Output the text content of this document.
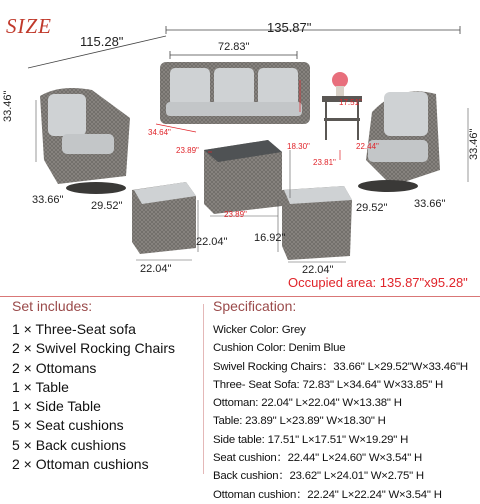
SIZE	135.87"
115.28"	72.83"
34.64"
23.89"	18.30"
17.51"
23.81"
22.44"
23.89"
33.46"
33.46"
33.66"	29.52"	29.52" 33.66"
22.04" 16.92"
22.04"	22.04"
Occupied area: 135.87"x95.28"
Set includes:
1 × Three-Seat sofa
2 × Swivel Rocking Chairs
2 × Ottomans
1 × Table
1 × Side Table
5 × Seat cushions
5 × Back cushions
2 × Ottoman cushions
Specification:
Wicker Color: Grey
Cushion Color: Denim Blue
Swivel Rocking Chairs：33.66" L×29.52"W×33.46"H
Three- Seat Sofa: 72.83" L×34.64" W×33.85" H
Ottoman: 22.04" L×22.04" W×13.38" H
Table: 23.89" L×23.89" W×18.30" H
Side table: 17.51" L×17.51" W×19.29" H
Seat cushion：22.44" L×24.60" W×3.54" H
Back cushion：23.62" L×24.01" W×2.75" H
Ottoman cushion：22.24" L×22.24" W×3.54" H
